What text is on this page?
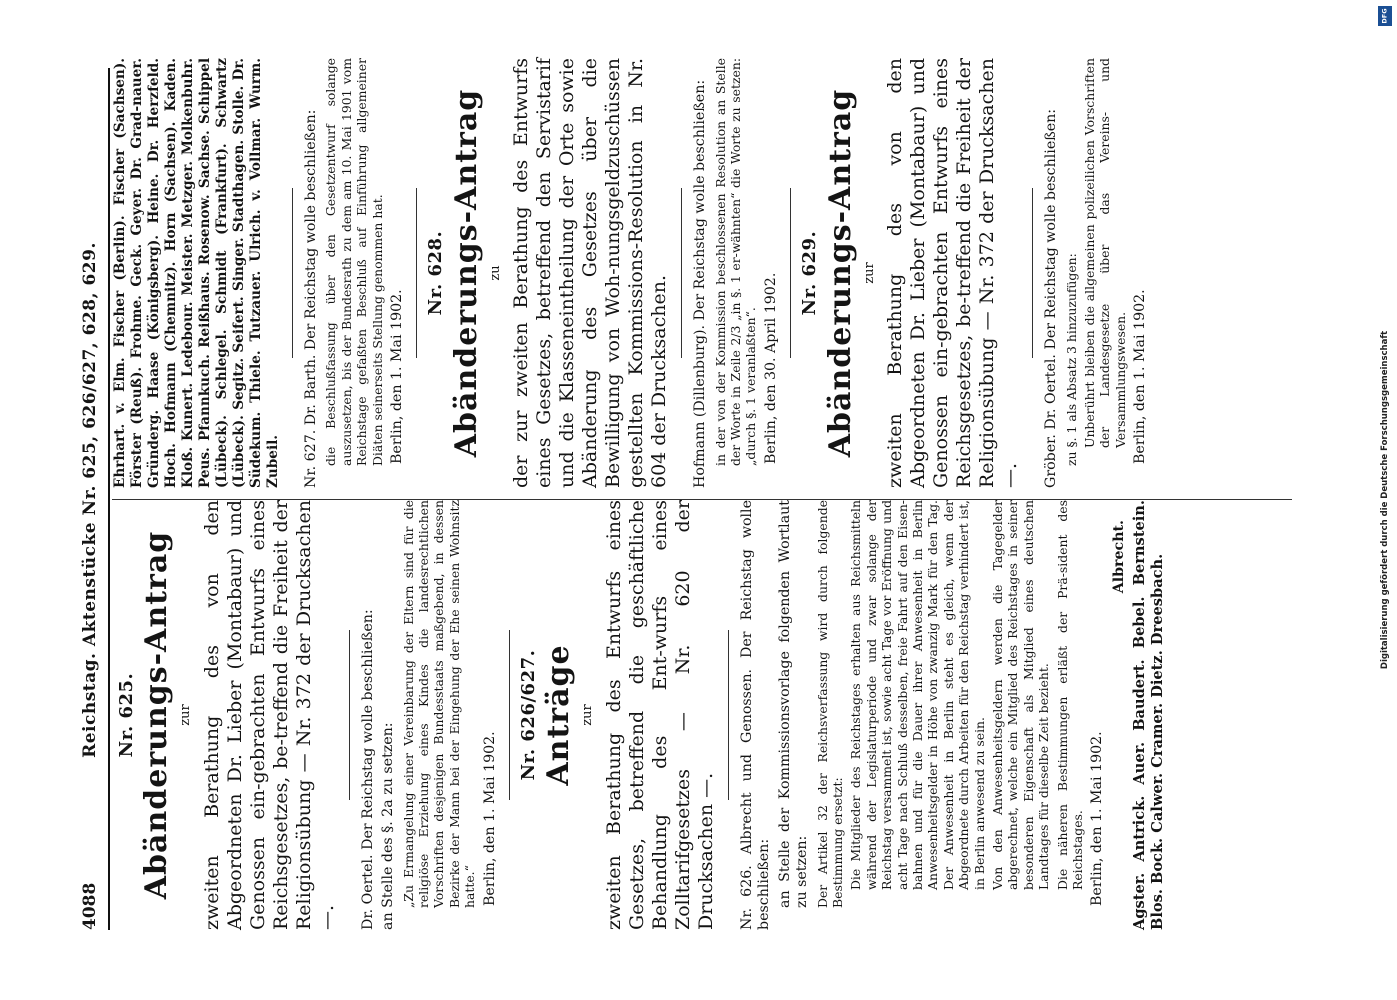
4088
Reichstag. Aktenstücke Nr. 625, 626/627, 628, 629. Nr. 625. Abänderungs-Antrag zur zweiten Berathung des von den Abgeordneten Dr. Lieber (Montabaur) und Genossen ein-gebrachten Entwurfs eines Reichsgesetzes, be-treffend die Freiheit der Religionsübung — Nr. 372 der Drucksachen —. Dr. Oertel. Der Reichstag wolle beschließen: an Stelle des §. 2a zu setzen: „Zu Ermangelung einer Vereinbarung der Eltern sind für die religiöse Erziehung eines Kindes die landesrechtlichen Vorschriften desjenigen Bundesstaats maßgebend, in dessen Bezirke der Mann bei der Eingehung der Ehe seinen Wohnsitz hatte.“ Berlin, den 1. Mai 1902.

Nr. 626/627. Anträge zur zweiten Berathung des Entwurfs eines Gesetzes, betreffend die geschäftliche Behandlung des Ent-wurfs eines Zolltarifgesetzes — Nr. 620 der Drucksachen —. Nr. 626. Albrecht und Genossen. Der Reichstag wolle beschließen: an Stelle der Kommissionsvorlage folgenden Wortlaut zu setzen: Der Artikel 32 der Reichsverfassung wird durch folgende Bestimmung ersetzt: Die Mitglieder des Reichstages erhalten aus Reichsmitteln während der Legislaturperiode und zwar solange der Reichstag versammelt ist, sowie acht Tage vor Eröffnung und acht Tage nach Schluß desselben, freie Fahrt auf den Eisen-bahnen und für die Dauer ihrer Anwesenheit in Berlin Anwesenheitsgelder in Höhe von zwanzig Mark für den Tag. Der Anwesenheit in Berlin steht es gleich, wenn der Abgeordnete durch Arbeiten für den Reichstag verhindert ist, in Berlin anwesend zu sein. Von den Anwesenheitsgeldern werden die Tagegelder abgerechnet, welche ein Mitglied des Reichstages in seiner besonderen Eigenschaft als Mitglied eines deutschen Landtages für dieselbe Zeit bezieht. Die näheren Bestimmungen erläßt der Prä-sident des Reichstages. Berlin, den 1. Mai 1902.

Albrecht. Agster. Antrick. Auer. Baudert. Bebel. Bernstein. Blos. Bock. Calwer. Cramer. Dietz. Dreesbach.

Ehrhart. v. Elm. Fischer (Berlin). Fischer (Sachsen). Förster (Reuß). Frohme. Geck. Geyer. Dr. Grad-nauer. Gründerg. Haase (Königsberg). Heine. Dr. Herzfeld. Hoch. Hofmann (Chemnitz). Horn (Sachsen). Kaden. Kloß. Kunert. Ledebour. Meister. Metzger. Molkenbuhr. Peus. Pfannkuch. Reißhaus. Rosenow. Sachse. Schippel (Lübeck). Schlegel. Schmidt (Frankfurt). Schwartz (Lübeck). Segitz. Seifert. Singer. Stadthagen. Stolle. Dr. Südekum. Thiele. Tutzauer. Ulrich. v. Vollmar. Wurm. Zubeil. Nr. 627. Dr. Barth. Der Reichstag wolle beschließen: die Beschlußfassung über den Gesetzentwurf solange auszusetzen, bis der Bundesrath zu dem am 10. Mai 1901 vom Reichstage gefaßten Beschluß auf Einführung allgemeiner Diäten seinerseits Stellung genommen hat. Berlin, den 1. Mai 1902.

Nr. 628. Abänderungs-Antrag zu der zur zweiten Berathung des Entwurfs eines Gesetzes, betreffend den Servistarif und die Klasseneintheilung der Orte sowie Abänderung des Gesetzes über die Bewilligung von Woh-nungsgeldzuschüssen gestellten Kommissions-Resolution in Nr. 604 der Drucksachen. Hofmann (Dillenburg). Der Reichstag wolle beschließen: in der von der Kommission beschlossenen Resolution an Stelle der Worte in Zeile 2/3 „in §. 1 er-wähnten“ die Worte zu setzen: „durch §. 1 veranlaßten“. Berlin, den 30. April 1902. Nr. 629. Abänderungs-Antrag zur zweiten Berathung des von den Abgeordneten Dr. Lieber (Montabaur) und Genossen ein-gebrachten Entwurfs eines Reichsgesetzes, be-treffend die Freiheit der Religionsübung — Nr. 372 der Drucksachen —. Gröber. Dr. Oertel. Der Reichstag wolle beschließen: zu §. 1 als Absatz 3 hinzuzufügen: Unberührt bleiben die allgemeinen polizeilichen Vorschriften der Landesgesetze über das Vereins- und Versammlungswesen. Berlin, den 1. Mai 1902.

DFG
Digitalisierung gefördert durch die Deutsche Forschungsgemeinschaft
